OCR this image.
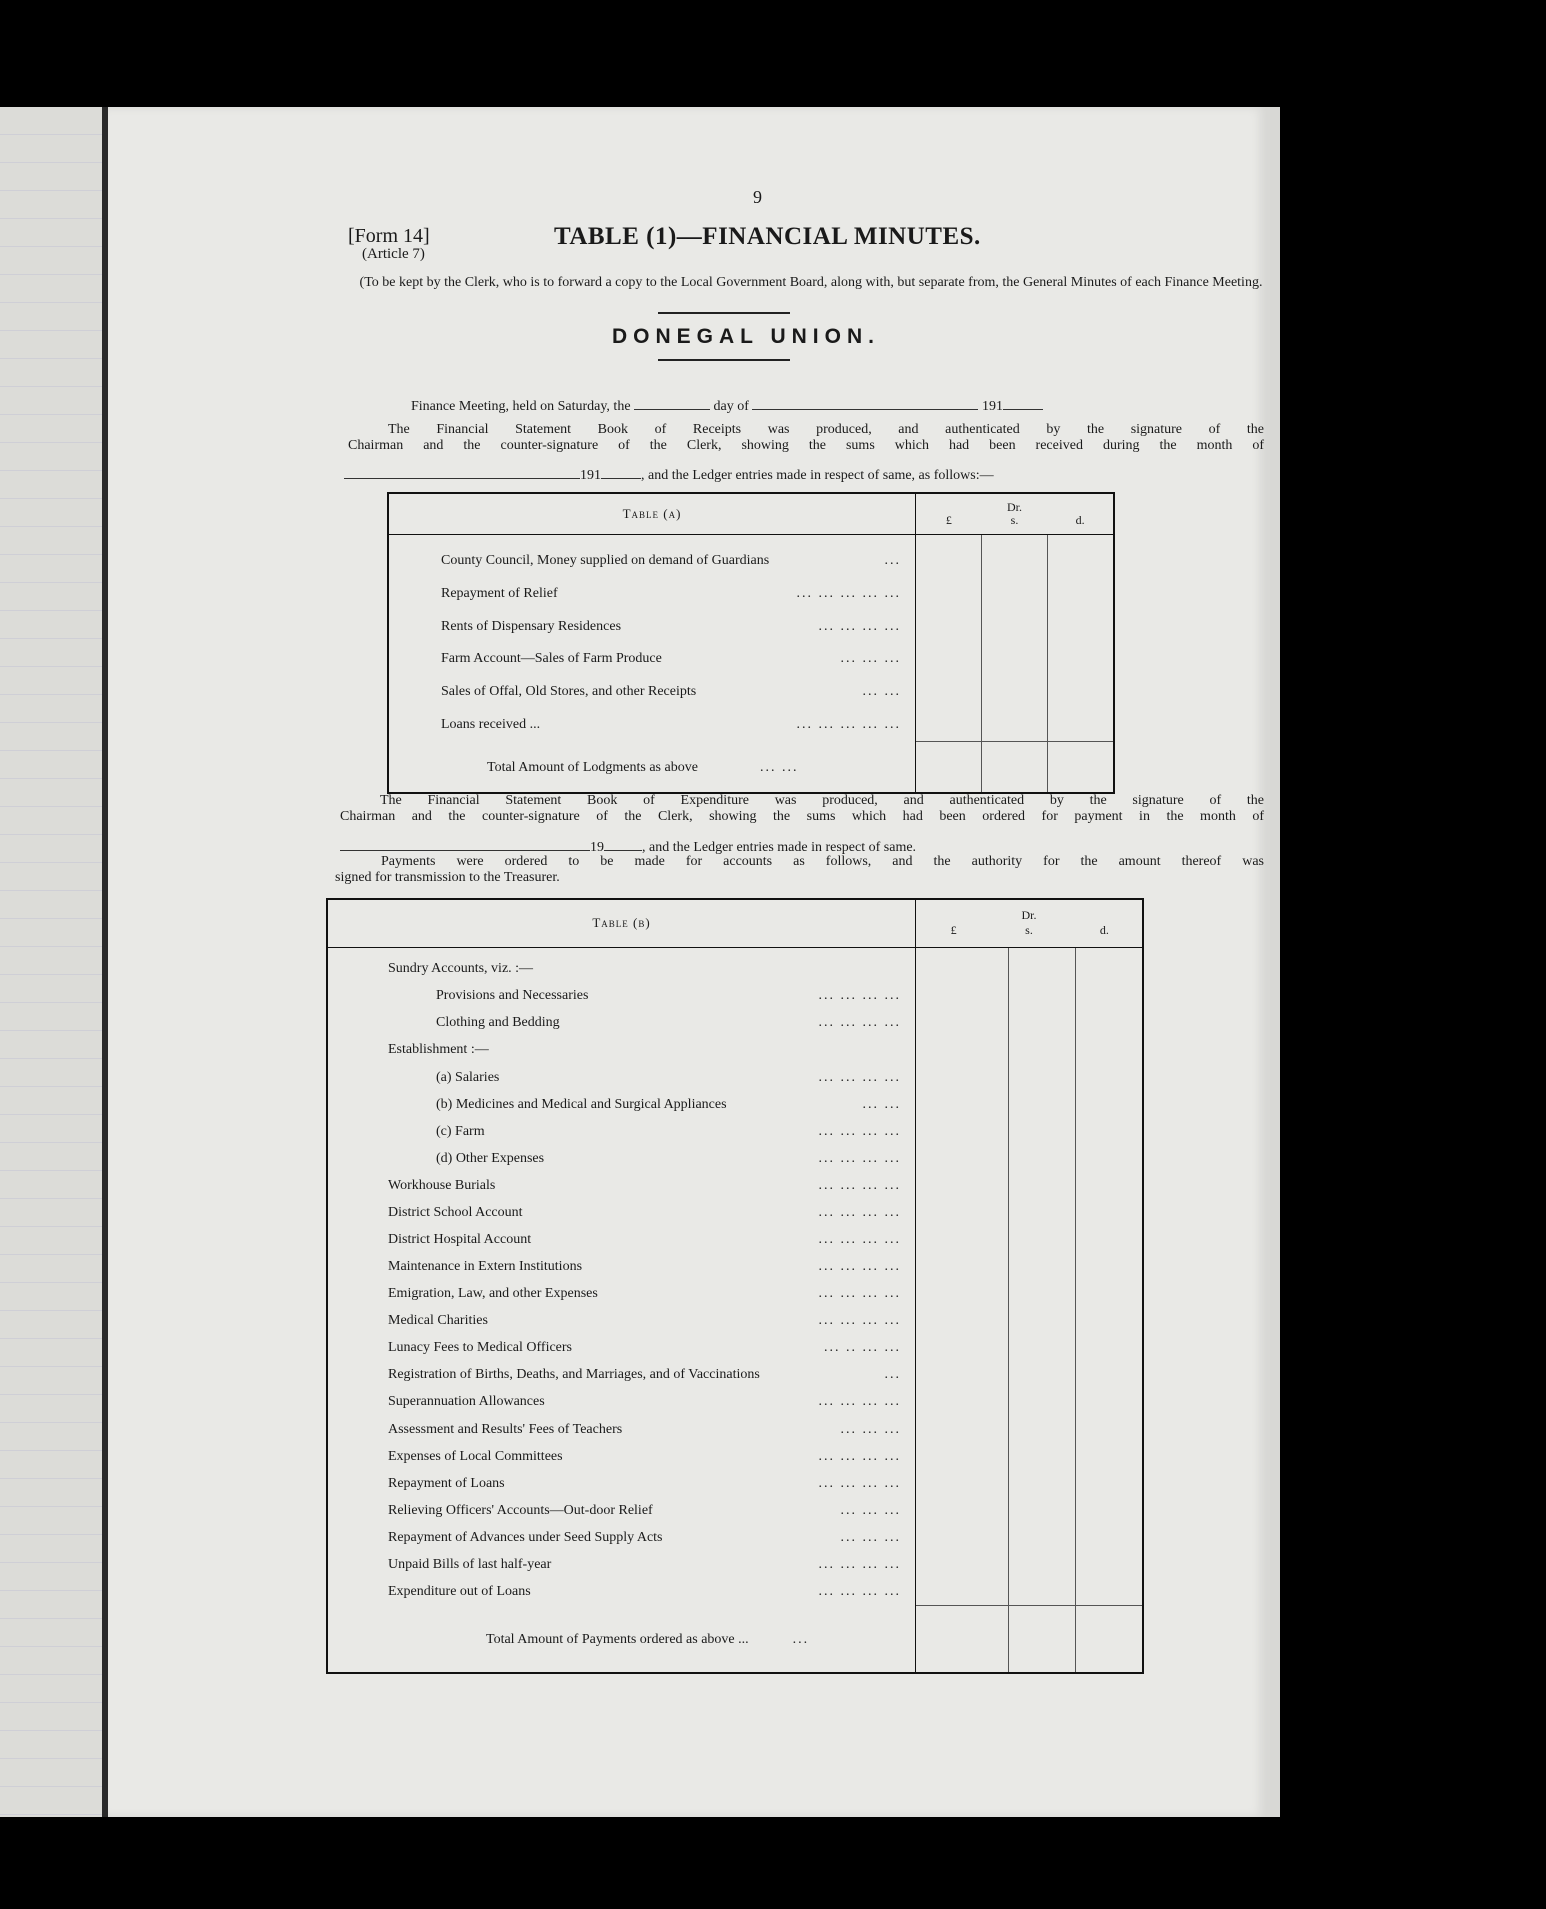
9
[Form 14]
(Article 7)
TABLE (1)—FINANCIAL MINUTES.
(To be kept by the Clerk, who is to forward a copy to the Local Government Board, along with, but separate from, the General Minutes of each Finance Meeting.
DONEGAL UNION.
Finance Meeting, held on Saturday, the	day of	191
The Financial Statement Book of Receipts was produced, and authenticated by the signature of the
Chairman and the counter-signature of the Clerk, showing the sums which had been received during the month of
191	, and the Ledger entries made in respect of same, as follows:—
Table (a)	Dr.
£ s. d.		

County Council, Money supplied on demand of Guardians ...			

Repayment of Relief ... ... ... ... ...			

Rents of Dispensary Residences ... ... ... ...			

Farm Account—Sales of Farm Produce ... ... ...			

Sales of Offal, Old Stores, and other Receipts ... ...			

Loans received ... ... ... ... ... ...			

Total Amount of Lodgments as above ... ...			
The Financial Statement Book of Expenditure was produced, and authenticated by the signature of the
Chairman and the counter-signature of the Clerk, showing the sums which had been ordered for payment in the month of
19	, and the Ledger entries made in respect of same.
Payments were ordered to be made for accounts as follows, and the authority for the amount thereof was
signed for transmission to the Treasurer.
Table (b)	Dr.
£ s. d.		

Sundry Accounts, viz. :—			

Provisions and Necessaries ... ... ... ...			

Clothing and Bedding ... ... ... ...			

Establishment :—			

(a) Salaries ... ... ... ...			

(b) Medicines and Medical and Surgical Appliances ... ...			

(c) Farm ... ... ... ...			

(d) Other Expenses ... ... ... ...			

Workhouse Burials ... ... ... ...			

District School Account ... ... ... ...			

District Hospital Account ... ... ... ...			

Maintenance in Extern Institutions ... ... ... ...			

Emigration, Law, and other Expenses ... ... ... ...			

Medical Charities ... ... ... ...			

Lunacy Fees to Medical Officers ... .. ... ...			

Registration of Births, Deaths, and Marriages, and of Vaccinations ...			

Superannuation Allowances ... ... ... ...			

Assessment and Results' Fees of Teachers ... ... ...			

Expenses of Local Committees ... ... ... ...			

Repayment of Loans ... ... ... ...			

Relieving Officers' Accounts—Out-door Relief ... ... ...			

Repayment of Advances under Seed Supply Acts ... ... ...			

Unpaid Bills of last half-year ... ... ... ...			

Expenditure out of Loans ... ... ... ...			

Total Amount of Payments ordered as above ... ...			
